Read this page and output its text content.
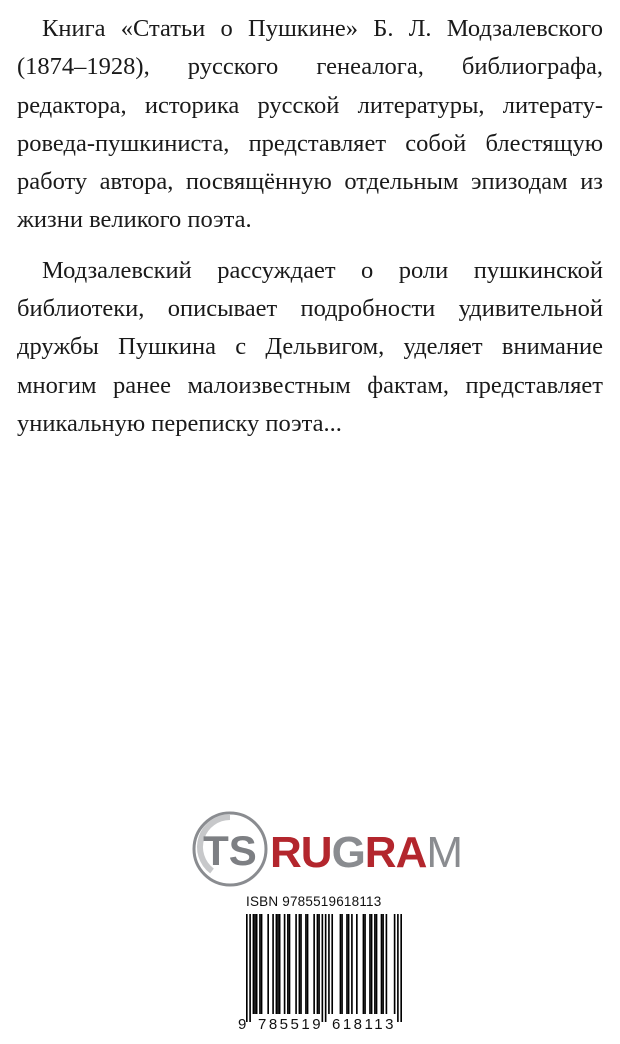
Книга «Статьи о Пушкине» Б. Л. Модзалевского
(1874–1928), русского генеалога, библиографа,
редактора, историка русской литературы, литерату-
роведа-пушкиниста, представляет собой блестящую
работу автора, посвящённую отдельным эпизодам из
жизни великого поэта.

Модзалевский рассуждает о роли пушкинской
библиотеки, описывает подробности удивительной
дружбы Пушкина с Дельвигом, уделяет внимание
многим ранее малоизвестным фактам, представляет
уникальную переписку поэта...

TS RUGRAM
ISBN 9785519618113
9 785519 618113
